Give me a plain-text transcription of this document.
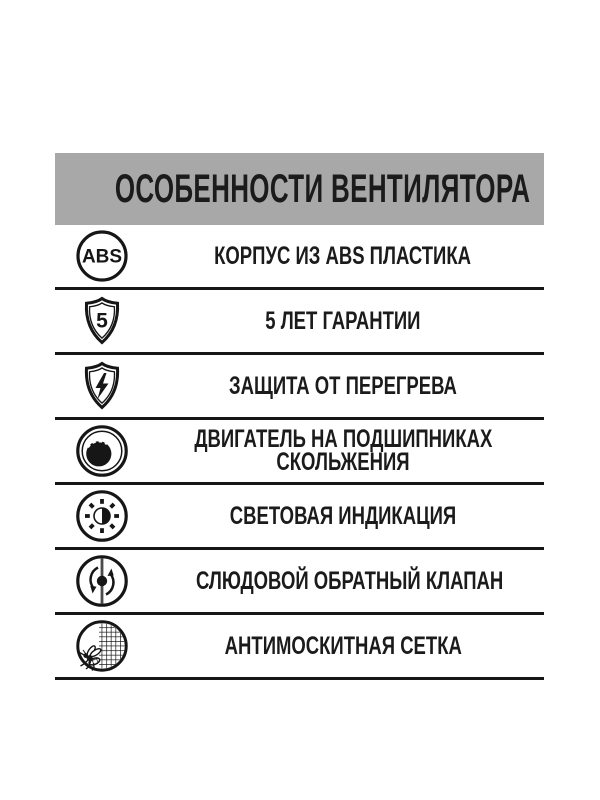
ОСОБЕННОСТИ ВЕНТИЛЯТОРА
ABS	КОРПУС ИЗ ABS ПЛАСТИКА
5	5 ЛЕТ ГАРАНТИИ
ЗАЩИТА ОТ ПЕРЕГРЕВА
ДВИГАТЕЛЬ НА ПОДШИПНИКАХ
СКОЛЬЖЕНИЯ
СВЕТОВАЯ ИНДИКАЦИЯ
СЛЮДОВОЙ ОБРАТНЫЙ КЛАПАН
АНТИМОСКИТНАЯ СЕТКА
